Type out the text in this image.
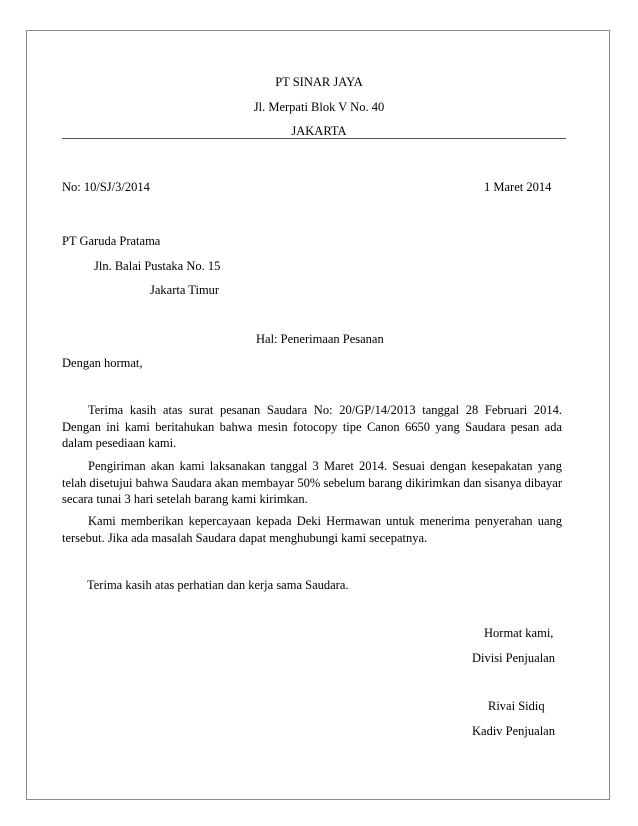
PT SINAR JAYA
Jl. Merpati Blok V No. 40
JAKARTA
No: 10/SJ/3/2014	1 Maret 2014
PT Garuda Pratama
Jln. Balai Pustaka No. 15
Jakarta Timur
Hal: Penerimaan Pesanan
Dengan hormat,
Terima kasih atas surat pesanan Saudara No: 20/GP/14/2013 tanggal 28 Februari 2014. Dengan ini kami beritahukan bahwa mesin fotocopy tipe Canon 6650 yang Saudara pesan ada dalam pesediaan kami.
Pengiriman akan kami laksanakan tanggal 3 Maret 2014. Sesuai dengan kesepakatan yang telah disetujui bahwa Saudara akan membayar 50% sebelum barang dikirimkan dan sisanya dibayar secara tunai 3 hari setelah barang kami kirimkan.
Kami memberikan kepercayaan kepada Deki Hermawan untuk menerima penyerahan uang tersebut. Jika ada masalah Saudara dapat menghubungi kami secepatnya.
Terima kasih atas perhatian dan kerja sama Saudara.
Hormat kami,
Divisi Penjualan
Rivai Sidiq
Kadiv Penjualan
